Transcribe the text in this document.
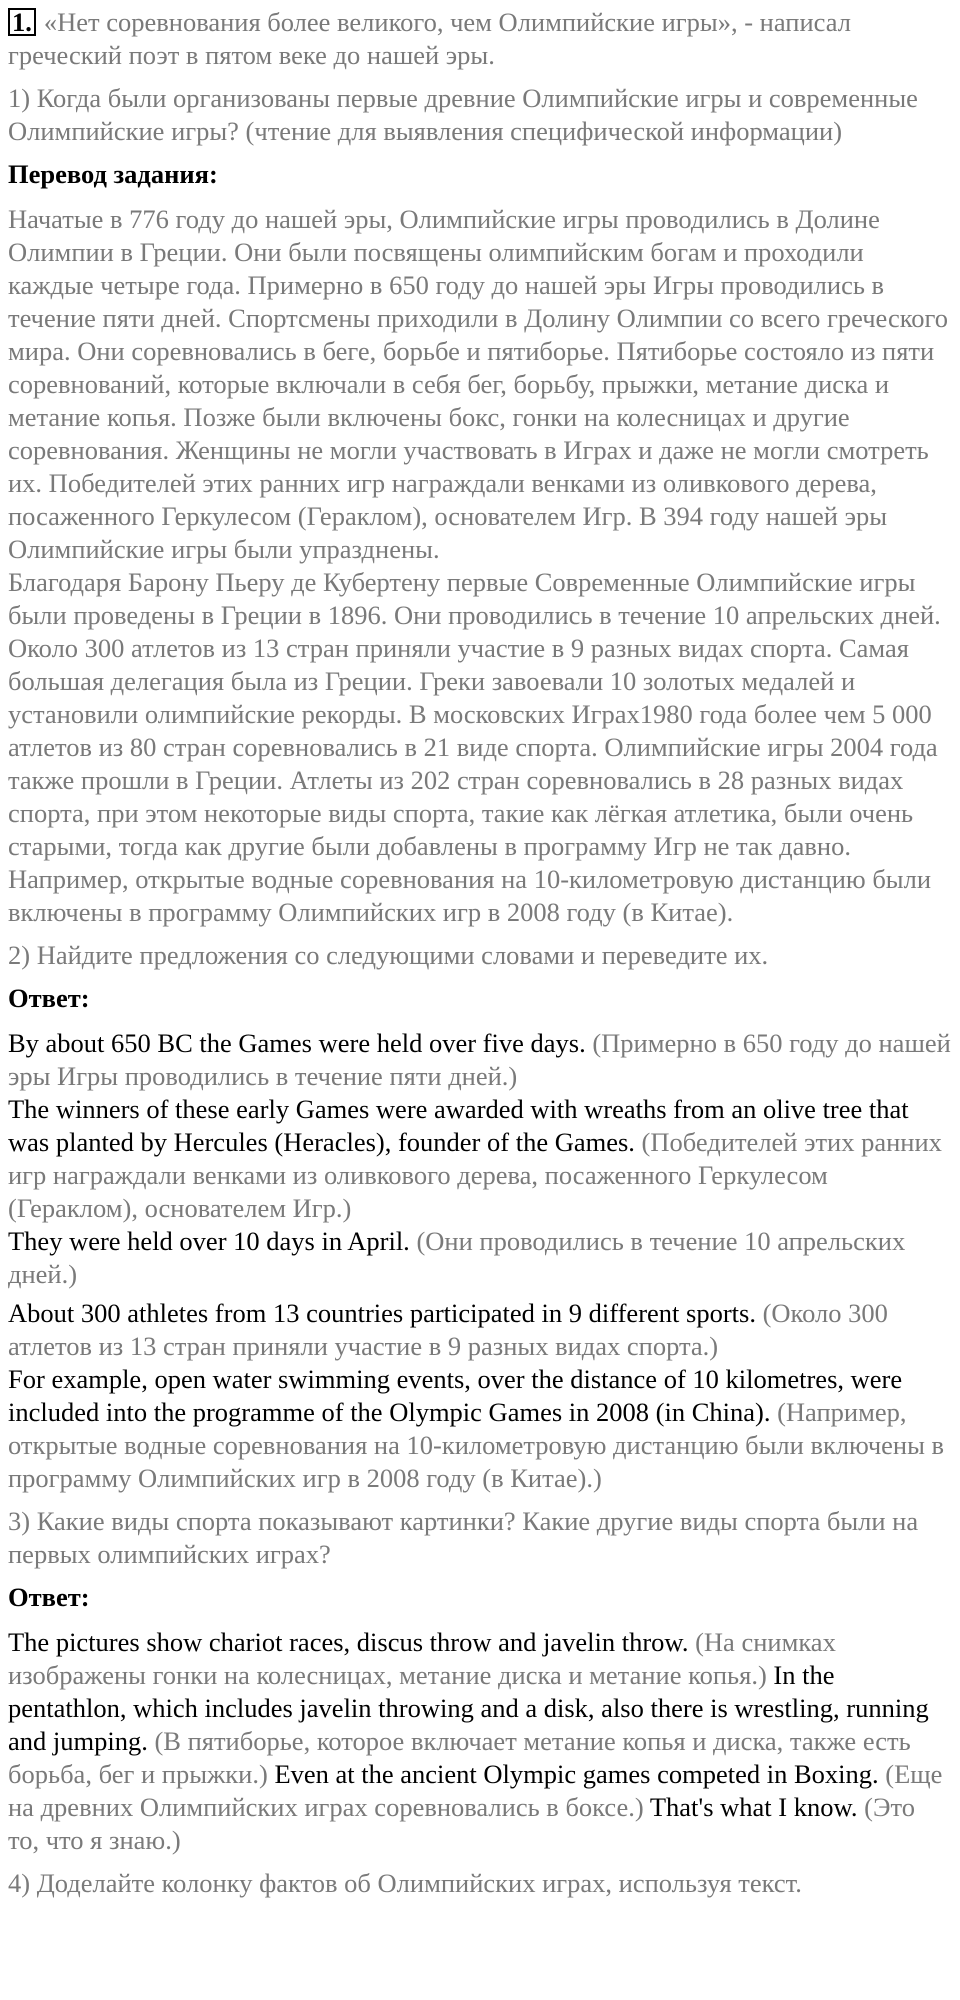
1. «Нет соревнования более великого, чем Олимпийские игры», - написал греческий поэт в пятом веке до нашей эры.

1) Когда были организованы первые древние Олимпийские игры и современные Олимпийские игры? (чтение для выявления специфической информации)

Перевод задания:

Начатые в 776 году до нашей эры, Олимпийские игры проводились в Долине Олимпии в Греции. Они были посвящены олимпийским богам и проходили каждые четыре года. Примерно в 650 году до нашей эры Игры проводились в течение пяти дней. Спортсмены приходили в Долину Олимпии со всего греческого мира. Они соревновались в беге, борьбе и пятиборье. Пятиборье состояло из пяти соревнований, которые включали в себя бег, борьбу, прыжки, метание диска и метание копья. Позже были включены бокс, гонки на колесницах и другие соревнования. Женщины не могли участвовать в Играх и даже не могли смотреть их. Победителей этих ранних игр награждали венками из оливкового дерева, посаженного Геркулесом (Гераклом), основателем Игр. В 394 году нашей эры Олимпийские игры были упразднены.

Благодаря Барону Пьеру де Кубертену первые Современные Олимпийские игры были проведены в Греции в 1896. Они проводились в течение 10 апрельских дней. Около 300 атлетов из 13 стран приняли участие в 9 разных видах спорта. Самая большая делегация была из Греции. Греки завоевали 10 золотых медалей и установили олимпийские рекорды. В московских Играх1980 года более чем 5 000 атлетов из 80 стран соревновались в 21 виде спорта. Олимпийские игры 2004 года также прошли в Греции. Атлеты из 202 стран соревновались в 28 разных видах спорта, при этом некоторые виды спорта, такие как лёгкая атлетика, были очень старыми, тогда как другие были добавлены в программу Игр не так давно. Например, открытые водные соревнования на 10-километровую дистанцию были включены в программу Олимпийских игр в 2008 году (в Китае).

2) Найдите предложения со следующими словами и переведите их.

Ответ:

By about 650 BC the Games were held over five days. (Примерно в 650 году до нашей эры Игры проводились в течение пяти дней.)

The winners of these early Games were awarded with wreaths from an olive tree that was planted by Hercules (Heracles), founder of the Games. (Победителей этих ранних игр награждали венками из оливкового дерева, посаженного Геркулесом (Гераклом), основателем Игр.)

They were held over 10 days in April. (Они проводились в течение 10 апрельских дней.)

About 300 athletes from 13 countries participated in 9 different sports. (Около 300 атлетов из 13 стран приняли участие в 9 разных видах спорта.)

For example, open water swimming events, over the distance of 10 kilometres, were included into the programme of the Olympic Games in 2008 (in China). (Например, открытые водные соревнования на 10-километровую дистанцию были включены в программу Олимпийских игр в 2008 году (в Китае).)

3) Какие виды спорта показывают картинки? Какие другие виды спорта были на первых олимпийских играх?

Ответ:

The pictures show chariot races, discus throw and javelin throw. (На снимках изображены гонки на колесницах, метание диска и метание копья.) In the pentathlon, which includes javelin throwing and a disk, also there is wrestling, running and jumping. (В пятиборье, которое включает метание копья и диска, также есть борьба, бег и прыжки.) Even at the ancient Olympic games competed in Boxing. (Еще на древних Олимпийских играх соревновались в боксе.) That's what I know. (Это то, что я знаю.)

4) Доделайте колонку фактов об Олимпийских играх, используя текст.
